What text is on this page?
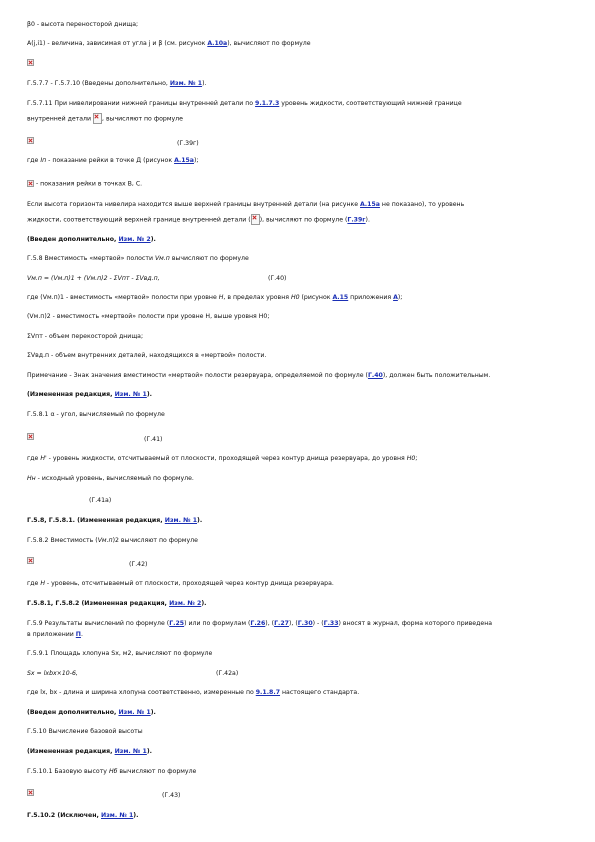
β0 - высота переносторой днища;
A(j,i1) - величина, зависимая от угла j и β (см. рисунок А.10а), вычисляют по формуле
Г.5.7.7 - Г.5.7.10 (Введены дополнительно, Изм. № 1).
Г.5.7.11 При нивелировании нижней границы внутренней детали по 9.1.7.3 уровень жидкости, соответствующий нижней границе
внутренней детали , вычисляют по формуле
(Г.39г)
где Іп - показание рейки в точке Д (рисунок А.15а);
- показания рейки в точках В, С.
Если высота горизонта нивелира находится выше верхней границы внутренней детали (на рисунке А.15а не показано), то уровень
жидкости, соответствующий верхней границе внутренней детали ( ), вычисляют по формуле (Г.39г).
(Введен дополнительно, Изм. № 2).
Г.5.8 Вместимость «мертвой» полости Vм.п вычисляют по формуле
Vм.п = (Vм.п)1 + (Vм.п)2 - ΣVпт - ΣVвд.п,	(Г.40)
где (Vм.п)1 - вместимость «мертвой» полости при уровне H, в пределах уровня H0 (рисунок А.15 приложения А);
(Vм.п)2 - вместимость «мертвой» полости при уровне H, выше уровня H0;
ΣVпт - объем перекосторой днища;
ΣVвд.п - объем внутренних деталей, находящихся в «мертвой» полости.
Примечание - Знак значения вместимости «мертвой» полости резервуара, определяемой по формуле (Г.40), должен быть положительным.
(Измененная редакция, Изм. № 1).
Г.5.8.1 α - угол, вычисляемый по формуле
(Г.41)
где H' - уровень жидкости, отсчитываемый от плоскости, проходящей через контур днища резервуара, до уровня H0;
Hн - исходный уровень, вычисляемый по формуле.
(Г.41а)
Г.5.8, Г.5.8.1. (Измененная редакция, Изм. № 1).
Г.5.8.2 Вместимость (Vм.п)2 вычисляют по формуле
(Г.42)
где H - уровень, отсчитываемый от плоскости, проходящей через контур днища резервуара.
Г.5.8.1, Г.5.8.2 (Измененная редакция, Изм. № 2).
Г.5.9 Результаты вычислений по формуле (Г.25) или по формулам (Г.26), (Г.27), (Г.30) - (Г.33) вносят в журнал, форма которого приведена
в приложении П.
Г.5.9.1 Площадь хлопуна Sх, м2, вычисляют по формуле
Sх = lхbх×10-6,	(Г.42а)
где lх, bх - длина и ширина хлопуна соответственно, измеренные по 9.1.8.7 настоящего стандарта.
(Введен дополнительно, Изм. № 1).
Г.5.10 Вычисление базовой высоты
(Измененная редакция, Изм. № 1).
Г.5.10.1 Базовую высоту Hб вычисляют по формуле
(Г.43)
Г.5.10.2 (Исключен, Изм. № 1).
